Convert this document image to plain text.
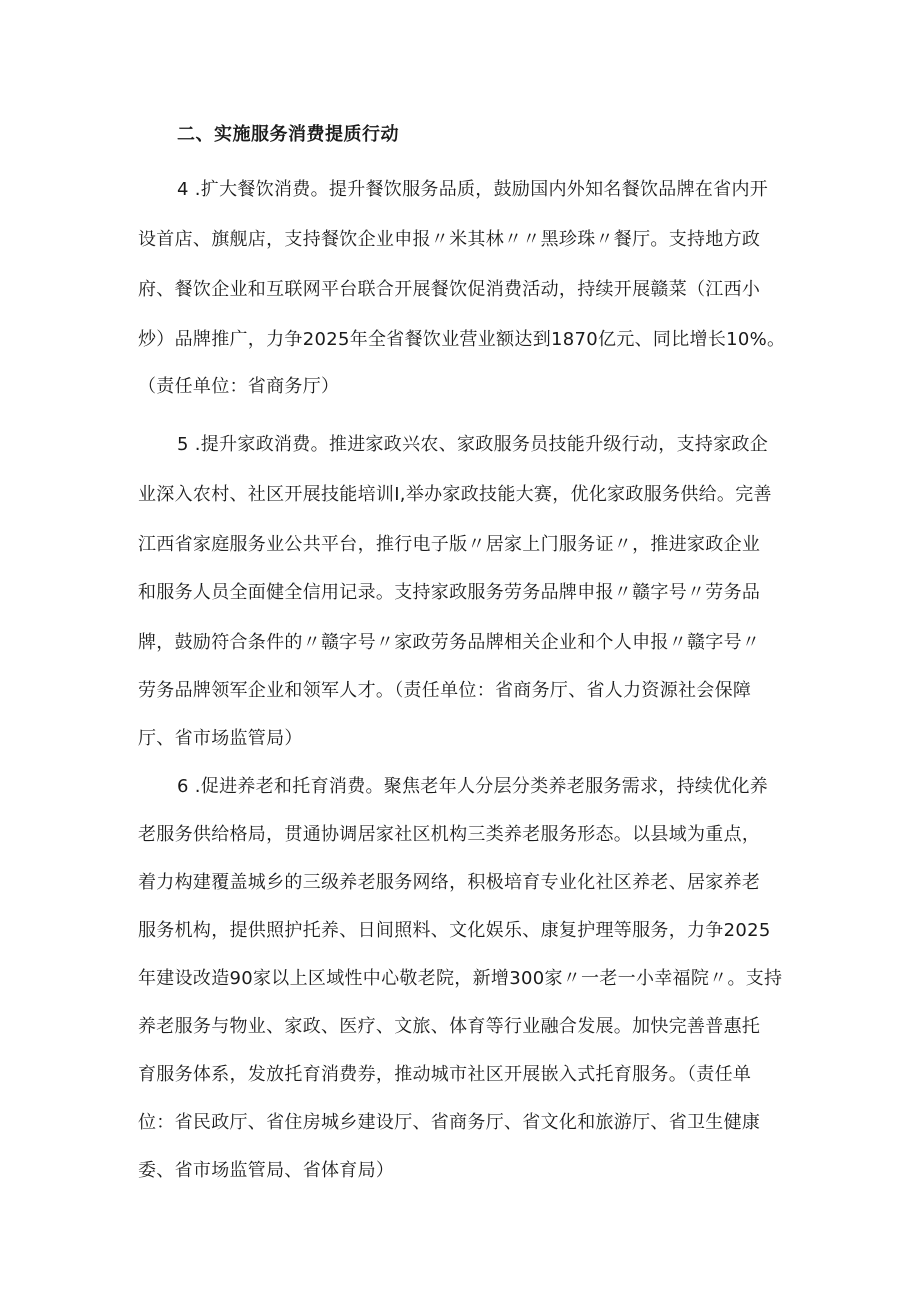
二、实施服务消费提质行动
4 .扩大餐饮消费。提升餐饮服务品质，鼓励国内外知名餐饮品牌在省内开
设首店、旗舰店，支持餐饮企业申报〃米其林〃〃黑珍珠〃餐厅。支持地方政
府、餐饮企业和互联网平台联合开展餐饮促消费活动，持续开展赣菜（江西小
炒）品牌推广，力争2025年全省餐饮业营业额达到1870亿元、同比增长10%。
（责任单位：省商务厅）
5 .提升家政消费。推进家政兴农、家政服务员技能升级行动，支持家政企
业深入农村、社区开展技能培训I,举办家政技能大赛，优化家政服务供给。完善
江西省家庭服务业公共平台，推行电子版〃居家上门服务证〃，推进家政企业
和服务人员全面健全信用记录。支持家政服务劳务品牌申报〃赣字号〃劳务品
牌，鼓励符合条件的〃赣字号〃家政劳务品牌相关企业和个人申报〃赣字号〃
劳务品牌领军企业和领军人才。（责任单位：省商务厅、省人力资源社会保障
厅、省市场监管局）
6 .促进养老和托育消费。聚焦老年人分层分类养老服务需求，持续优化养
老服务供给格局，贯通协调居家社区机构三类养老服务形态。以县域为重点，
着力构建覆盖城乡的三级养老服务网络，积极培育专业化社区养老、居家养老
服务机构，提供照护托养、日间照料、文化娱乐、康复护理等服务，力争2025
年建设改造90家以上区域性中心敬老院，新增300家〃一老一小幸福院〃。支持
养老服务与物业、家政、医疗、文旅、体育等行业融合发展。加快完善普惠托
育服务体系，发放托育消费券，推动城市社区开展嵌入式托育服务。（责任单
位：省民政厅、省住房城乡建设厅、省商务厅、省文化和旅游厅、省卫生健康
委、省市场监管局、省体育局）
